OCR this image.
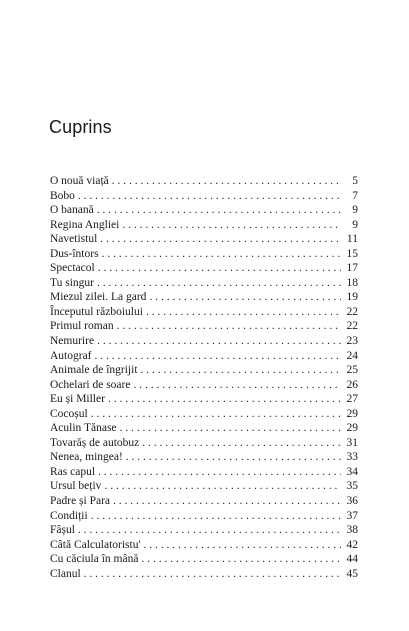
Cuprins
O nouă viață . . .	5
Bobo . . .	7
O banană . . .	9
Regina Angliei . . .	9
Navetistul . . .	11
Dus-întors . . .	15
Spectacol . . .	17
Tu singur . . .	18
Miezul zilei. La gard . . .	19
Începutul războiului . . .	22
Primul roman . . .	22
Nemurire . . .	23
Autograf . . .	24
Animale de îngrijit . . .	25
Ochelari de soare . . .	26
Eu și Miller . . .	27
Cocoșul . . .	29
Aculin Tănase . . .	29
Tovarăș de autobuz . . .	31
Nenea, mingea! . . .	33
Ras capul . . .	34
Ursul bețiv . . .	35
Padre și Para . . .	36
Condiții . . .	37
Fâșul . . .	38
Câtă Calculatoristu' . . .	42
Cu căciula în mână . . .	44
Clanul . . .	45
